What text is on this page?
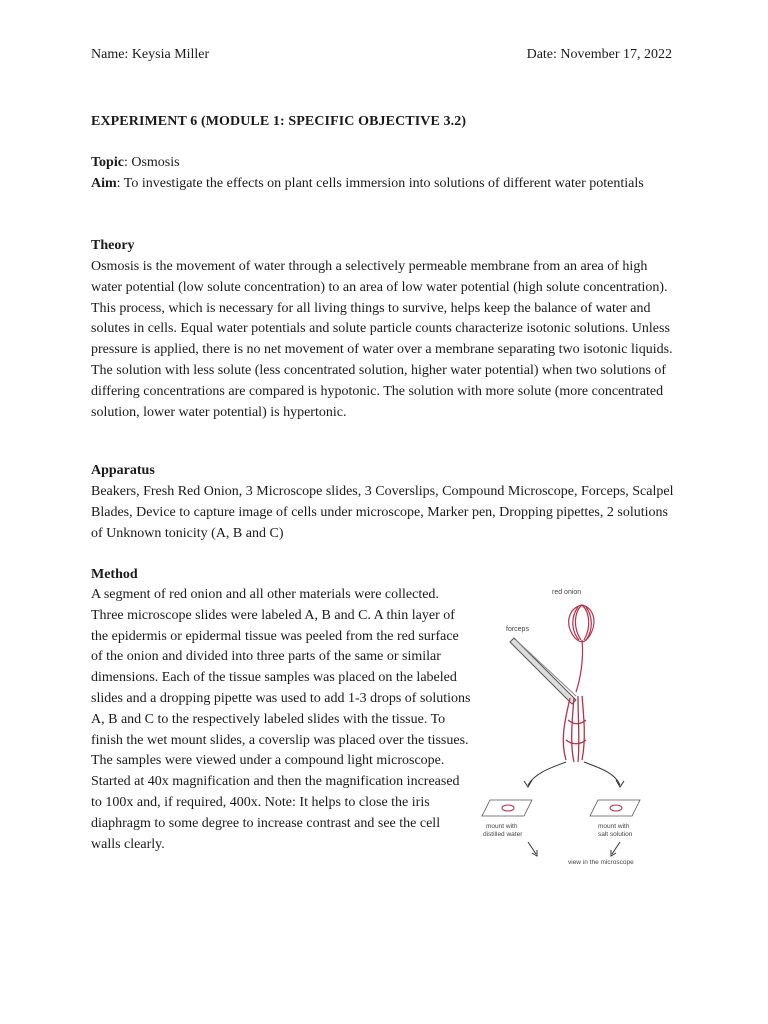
Name: Keysia Miller	Date: November 17, 2022
EXPERIMENT 6 (MODULE 1: SPECIFIC OBJECTIVE 3.2)
Topic: Osmosis
Aim: To investigate the effects on plant cells immersion into solutions of different water potentials
Theory
Osmosis is the movement of water through a selectively permeable membrane from an area of high water potential (low solute concentration) to an area of low water potential (high solute concentration). This process, which is necessary for all living things to survive, helps keep the balance of water and solutes in cells. Equal water potentials and solute particle counts characterize isotonic solutions. Unless pressure is applied, there is no net movement of water over a membrane separating two isotonic liquids. The solution with less solute (less concentrated solution, higher water potential) when two solutions of differing concentrations are compared is hypotonic. The solution with more solute (more concentrated solution, lower water potential) is hypertonic.
Apparatus
Beakers, Fresh Red Onion, 3 Microscope slides, 3 Coverslips, Compound Microscope, Forceps, Scalpel Blades, Device to capture image of cells under microscope, Marker pen, Dropping pipettes, 2 solutions of Unknown tonicity (A, B and C)
Method
A segment of red onion and all other materials were collected. Three microscope slides were labeled A, B and C. A thin layer of the epidermis or epidermal tissue was peeled from the red surface of the onion and divided into three parts of the same or similar dimensions. Each of the tissue samples was placed on the labeled slides and a dropping pipette was used to add 1-3 drops of solutions A, B and C to the respectively labeled slides with the tissue. To finish the wet mount slides, a coverslip was placed over the tissues. The samples were viewed under a compound light microscope. Started at 40x magnification and then the magnification increased to 100x and, if required, 400x. Note: It helps to close the iris diaphragm to some degree to increase contrast and see the cell walls clearly.
red onion
forceps
mount with
distilled water
mount with
salt solution
view in the microscope
